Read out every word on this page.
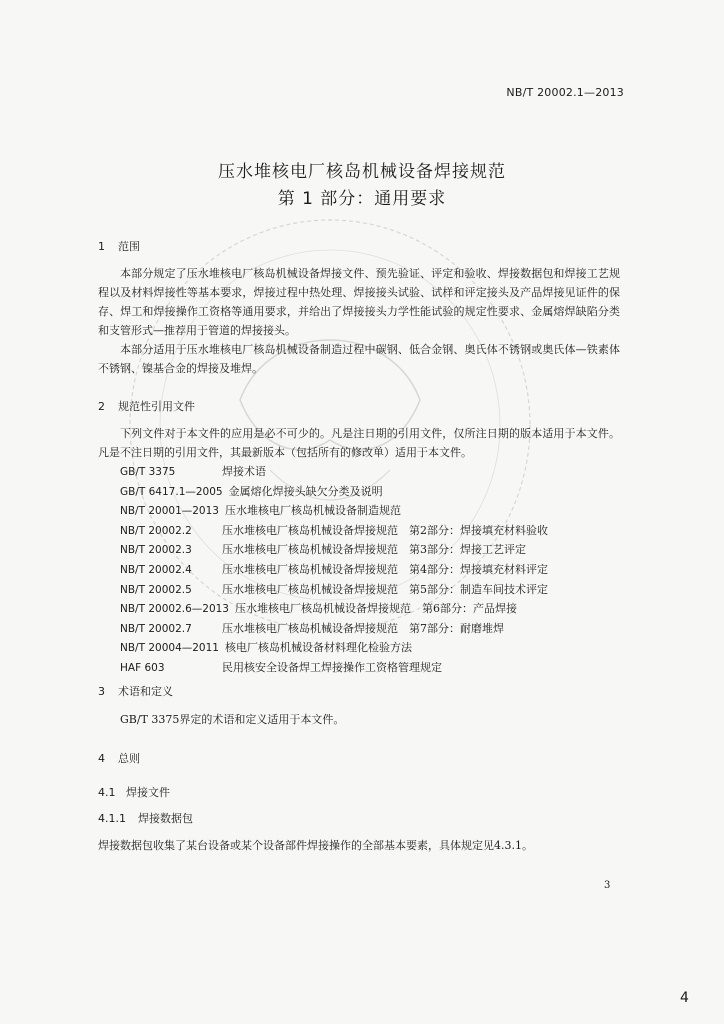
NB/T 20002.1—2013
压水堆核电厂核岛机械设备焊接规范
第 1 部分：通用要求
1 范围
本部分规定了压水堆核电厂核岛机械设备焊接文件、预先验证、评定和验收、焊接数据包和焊接工艺规程以及材料焊接性等基本要求，焊接过程中热处理、焊接接头试验、试样和评定接头及产品焊接见证件的保存、焊工和焊接操作工资格等通用要求，并给出了焊接接头力学性能试验的规定性要求、金属熔焊缺陷分类和支管形式—推荐用于管道的焊接接头。
本部分适用于压水堆核电厂核岛机械设备制造过程中碳钢、低合金钢、奥氏体不锈钢或奥氏体—铁素体不锈钢、镍基合金的焊接及堆焊。
2 规范性引用文件
下列文件对于本文件的应用是必不可少的。凡是注日期的引用文件，仅所注日期的版本适用于本文件。凡是不注日期的引用文件，其最新版本（包括所有的修改单）适用于本文件。
GB/T 3375	焊接术语
GB/T 6417.1—2005 金属熔化焊接头缺欠分类及说明
NB/T 20001—2013 压水堆核电厂核岛机械设备制造规范
NB/T 20002.2	压水堆核电厂核岛机械设备焊接规范　第2部分：焊接填充材料验收
NB/T 20002.3	压水堆核电厂核岛机械设备焊接规范　第3部分：焊接工艺评定
NB/T 20002.4	压水堆核电厂核岛机械设备焊接规范　第4部分：焊接填充材料评定
NB/T 20002.5	压水堆核电厂核岛机械设备焊接规范　第5部分：制造车间技术评定
NB/T 20002.6—2013 压水堆核电厂核岛机械设备焊接规范　第6部分：产品焊接
NB/T 20002.7	压水堆核电厂核岛机械设备焊接规范　第7部分：耐磨堆焊
NB/T 20004—2011 核电厂核岛机械设备材料理化检验方法
HAF 603	民用核安全设备焊工焊接操作工资格管理规定
3 术语和定义
GB/T 3375界定的术语和定义适用于本文件。
4 总则
4.1 焊接文件
4.1.1 焊接数据包
焊接数据包收集了某台设备或某个设备部件焊接操作的全部基本要素，具体规定见4.3.1。
3
4
